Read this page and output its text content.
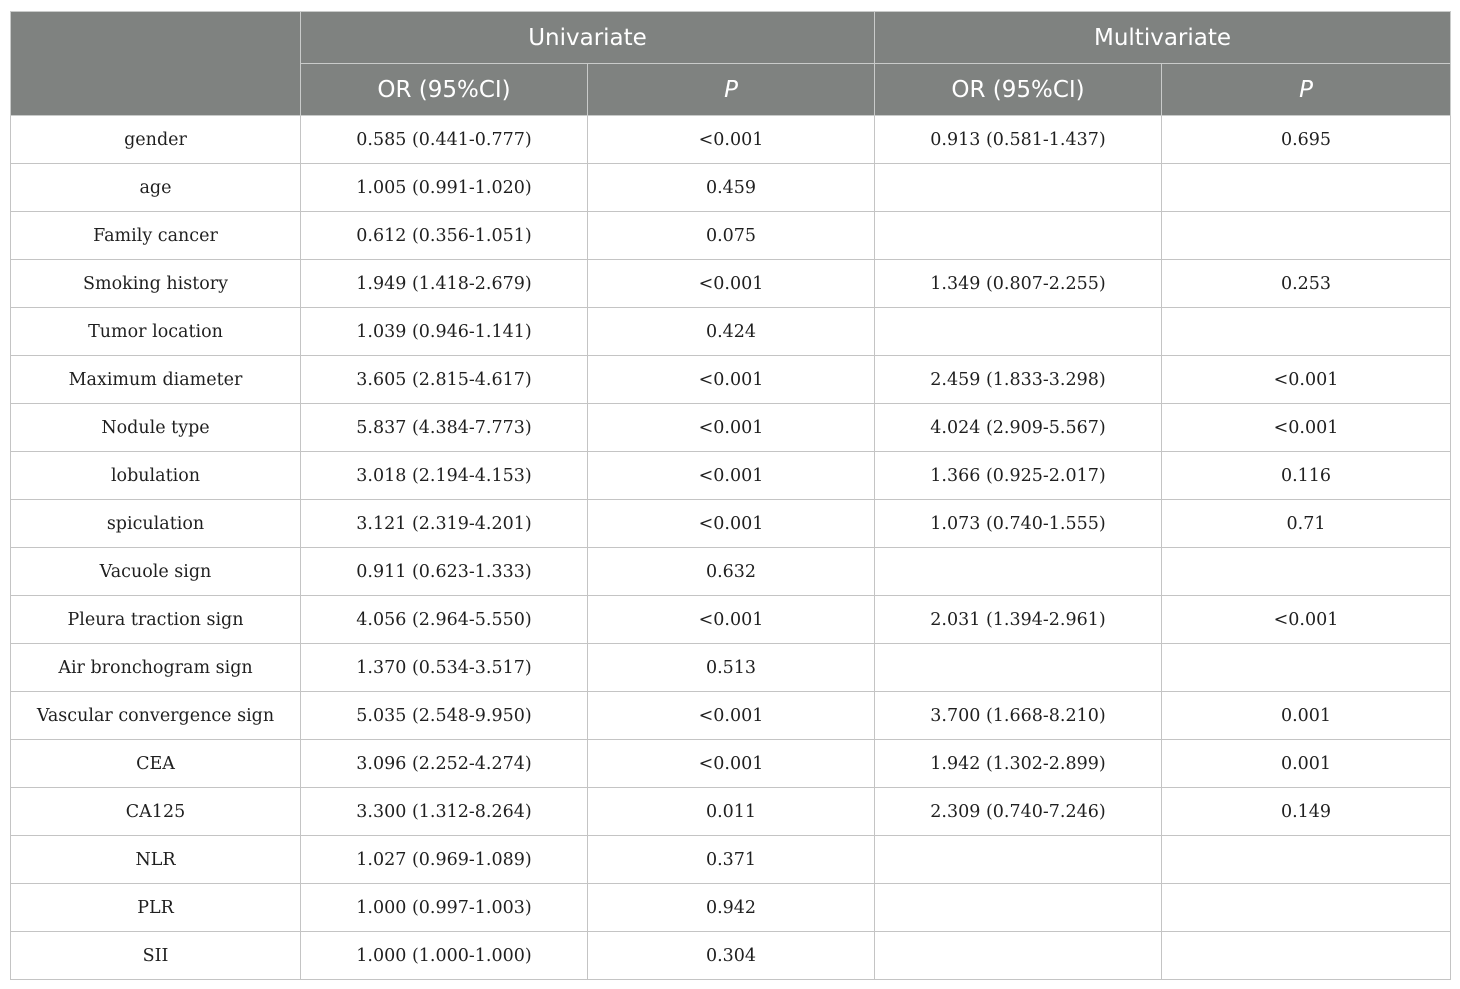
	Univariate		Multivariate	
	OR (95%CI)	P	OR (95%CI)	P
gender	0.585 (0.441-0.777)	<0.001	0.913 (0.581-1.437)	0.695
age	1.005 (0.991-1.020)	0.459		
Family cancer	0.612 (0.356-1.051)	0.075		
Smoking history	1.949 (1.418-2.679)	<0.001	1.349 (0.807-2.255)	0.253
Tumor location	1.039 (0.946-1.141)	0.424		
Maximum diameter	3.605 (2.815-4.617)	<0.001	2.459 (1.833-3.298)	<0.001
Nodule type	5.837 (4.384-7.773)	<0.001	4.024 (2.909-5.567)	<0.001
lobulation	3.018 (2.194-4.153)	<0.001	1.366 (0.925-2.017)	0.116
spiculation	3.121 (2.319-4.201)	<0.001	1.073 (0.740-1.555)	0.71
Vacuole sign	0.911 (0.623-1.333)	0.632		
Pleura traction sign	4.056 (2.964-5.550)	<0.001	2.031 (1.394-2.961)	<0.001
Air bronchogram sign	1.370 (0.534-3.517)	0.513		
Vascular convergence sign	5.035 (2.548-9.950)	<0.001	3.700 (1.668-8.210)	0.001
CEA	3.096 (2.252-4.274)	<0.001	1.942 (1.302-2.899)	0.001
CA125	3.300 (1.312-8.264)	0.011	2.309 (0.740-7.246)	0.149
NLR	1.027 (0.969-1.089)	0.371		
PLR	1.000 (0.997-1.003)	0.942		
SII	1.000 (1.000-1.000)	0.304		
